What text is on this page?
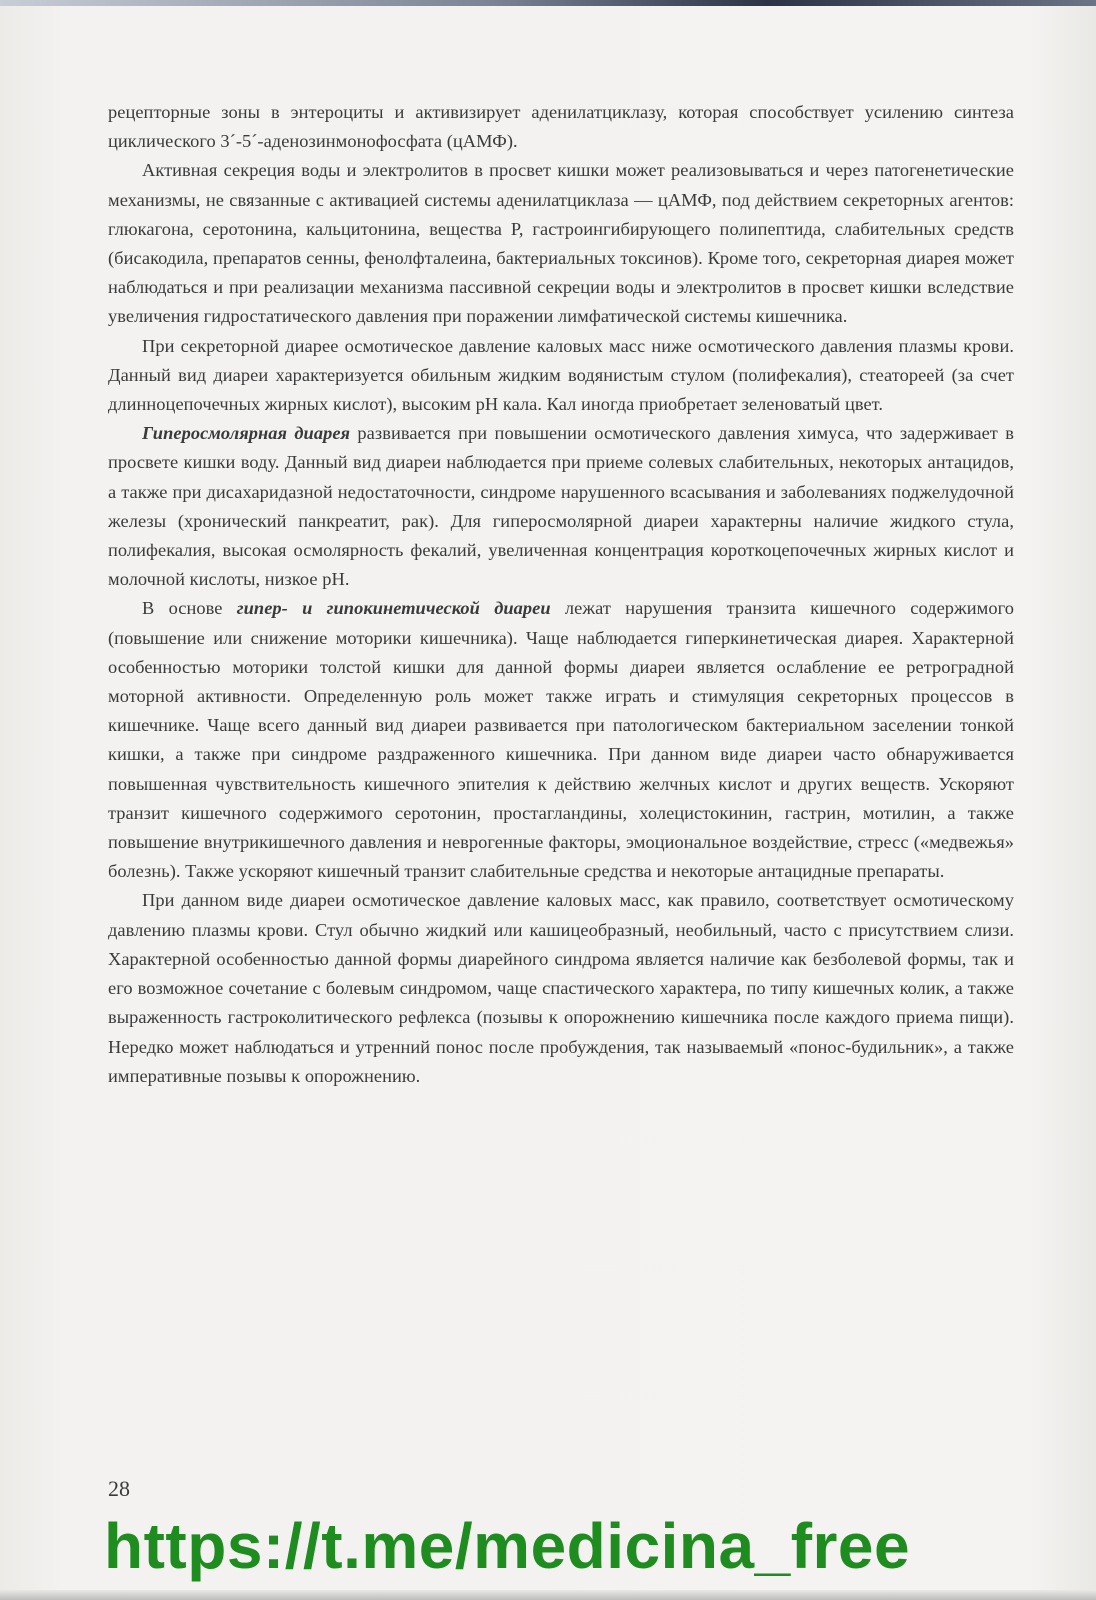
рецепторные зоны в энтероциты и активизирует аденилатциклазу, которая способствует усилению синтеза циклического 3´-5´-аденозинмонофосфата (цАМФ).

Активная секреция воды и электролитов в просвет кишки может реализовываться и через патогенетические механизмы, не связанные с активацией системы аденилатциклаза — цАМФ, под действием секреторных агентов: глюкагона, серотонина, кальцитонина, вещества Р, гастроингибирующего полипептида, слабительных средств (бисакодила, препаратов сенны, фенолфталеина, бактериальных токсинов). Кроме того, секреторная диарея может наблюдаться и при реализации механизма пассивной секреции воды и электролитов в просвет кишки вследствие увеличения гидростатического давления при поражении лимфатической системы кишечника.

При секреторной диарее осмотическое давление каловых масс ниже осмотического давления плазмы крови. Данный вид диареи характеризуется обильным жидким водянистым стулом (полифекалия), стеатореей (за счет длинноцепочечных жирных кислот), высоким pH кала. Кал иногда приобретает зеленоватый цвет.

Гиперосмолярная диарея развивается при повышении осмотического давления химуса, что задерживает в просвете кишки воду. Данный вид диареи наблюдается при приеме солевых слабительных, некоторых антацидов, а также при дисахаридазной недостаточности, синдроме нарушенного всасывания и заболеваниях поджелудочной железы (хронический панкреатит, рак). Для гиперосмолярной диареи характерны наличие жидкого стула, полифекалия, высокая осмолярность фекалий, увеличенная концентрация короткоцепочечных жирных кислот и молочной кислоты, низкое pH.

В основе гипер- и гипокинетической диареи лежат нарушения транзита кишечного содержимого (повышение или снижение моторики кишечника). Чаще наблюдается гиперкинетическая диарея. Характерной особенностью моторики толстой кишки для данной формы диареи является ослабление ее ретроградной моторной активности. Определенную роль может также играть и стимуляция секреторных процессов в кишечнике. Чаще всего данный вид диареи развивается при патологическом бактериальном заселении тонкой кишки, а также при синдроме раздраженного кишечника. При данном виде диареи часто обнаруживается повышенная чувствительность кишечного эпителия к действию желчных кислот и других веществ. Ускоряют транзит кишечного содержимого серотонин, простагландины, холецистокинин, гастрин, мотилин, а также повышение внутрикишечного давления и неврогенные факторы, эмоциональное воздействие, стресс («медвежья» болезнь). Также ускоряют кишечный транзит слабительные средства и некоторые антацидные препараты.

При данном виде диареи осмотическое давление каловых масс, как правило, соответствует осмотическому давлению плазмы крови. Стул обычно жидкий или кашицеобразный, необильный, часто с присутствием слизи. Характерной особенностью данной формы диарейного синдрома является наличие как безболевой формы, так и его возможное сочетание с болевым синдромом, чаще спастического характера, по типу кишечных колик, а также выраженность гастроколитического рефлекса (позывы к опорожнению кишечника после каждого приема пищи). Нередко может наблюдаться и утренний понос после пробуждения, так называемый «понос-будильник», а также императивные позывы к опорожнению.

28
https://t.me/medicina_free
